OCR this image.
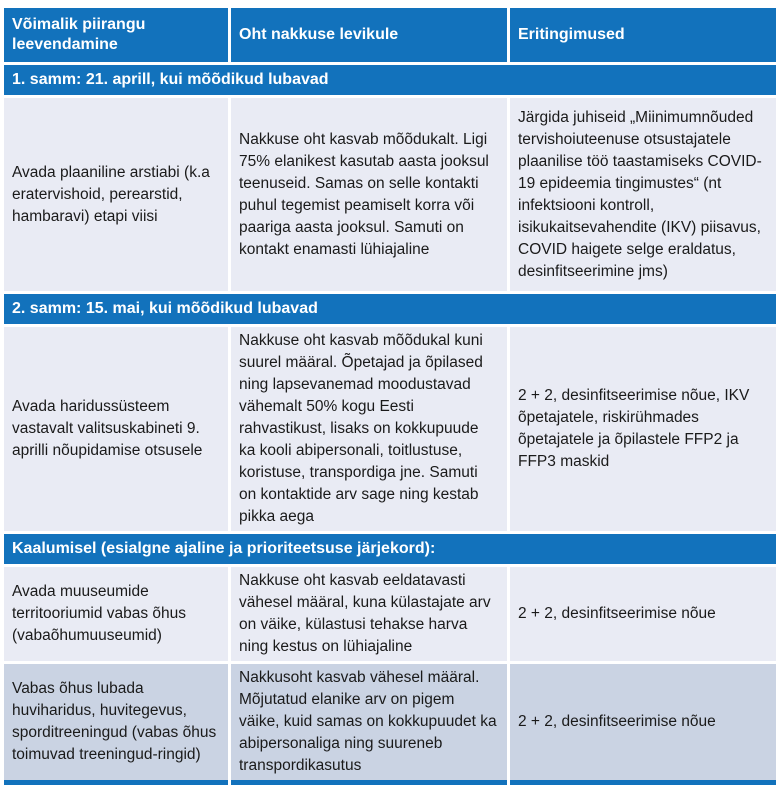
Võimalik piirangu leevendamine
Oht nakkuse levikule	Eritingimused
1. samm: 21. aprill, kui mõõdikud lubavad
Avada plaaniline arstiabi (k.a eratervishoid, perearstid, hambaravi) etapi viisi
Nakkuse oht kasvab mõõdukalt. Ligi 75% elanikest kasutab aasta jooksul teenuseid. Samas on selle kontakti puhul tegemist peamiselt korra või paariga aasta jooksul. Samuti on kontakt enamasti lühiajaline
Järgida juhiseid „Miinimumnõuded tervishoiuteenuse otsustajatele plaanilise töö taastamiseks COVID-19 epideemia tingimustes“ (nt infektsiooni kontroll, isikukaitsevahendite (IKV) piisavus, COVID haigete selge eraldatus, desinfitseerimine jms)
2. samm: 15. mai, kui mõõdikud lubavad
Avada haridussüsteem vastavalt valitsuskabineti 9. aprilli nõupidamise otsusele
Nakkuse oht kasvab mõõdukal kuni suurel määral. Õpetajad ja õpilased ning lapsevanemad moodustavad vähemalt 50% kogu Eesti rahvastikust, lisaks on kokkupuude ka kooli abipersonali, toitlustuse, koristuse, transpordiga jne. Samuti on kontaktide arv sage ning kestab pikka aega
2 + 2, desinfitseerimise nõue, IKV õpetajatele, riskirühmades õpetajatele ja õpilastele FFP2 ja FFP3 maskid
Kaalumisel (esialgne ajaline ja prioriteetsuse järjekord):
Avada muuseumide territooriumid vabas õhus (vabaõhumuuseumid)
Nakkuse oht kasvab eeldatavasti vähesel määral, kuna külastajate arv on väike, külastusi tehakse harva ning kestus on lühiajaline
2 + 2, desinfitseerimise nõue
Vabas õhus lubada huviharidus, huvitegevus, sporditreeningud (vabas õhus toimuvad treeningud-ringid)
Nakkusoht kasvab vähesel määral. Mõjutatud elanike arv on pigem väike, kuid samas on kokkupuudet ka abipersonaliga ning suureneb transpordikasutus
2 + 2, desinfitseerimise nõue
